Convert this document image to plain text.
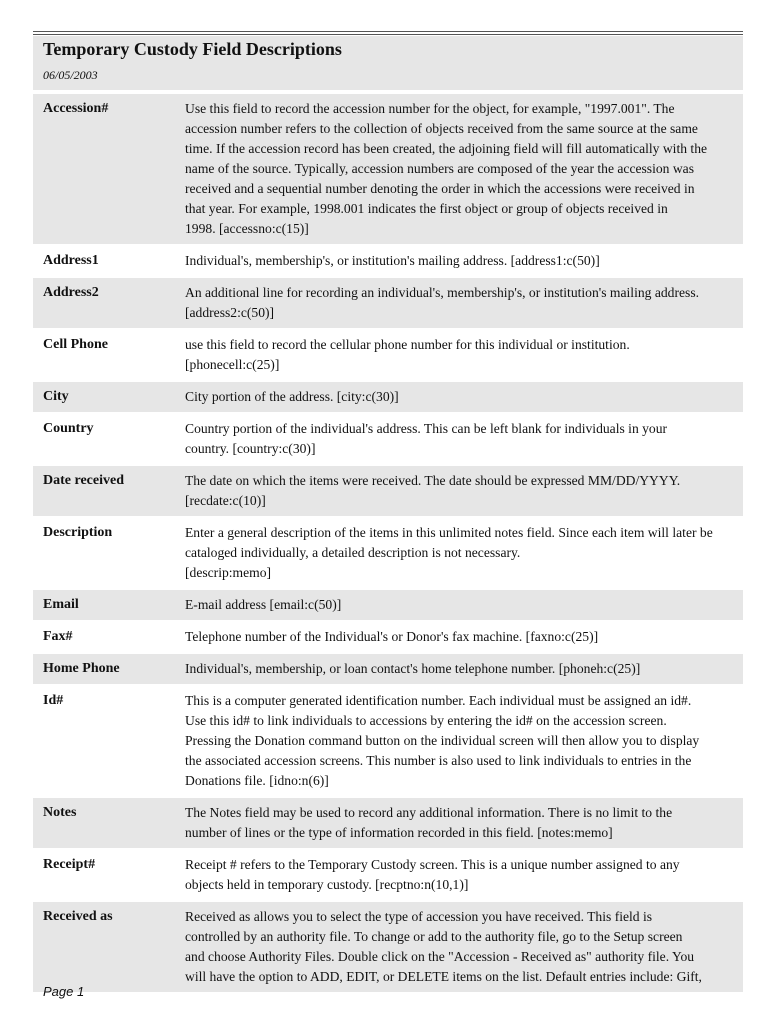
Temporary Custody Field Descriptions
06/05/2003
Accession#	Use this field to record the accession number for the object, for example, "1997.001". The
accession number refers to the collection of objects received from the same source at the same
time. If the accession record has been created, the adjoining field will fill automatically with the
name of the source. Typically, accession numbers are composed of the year the accession was
received and a sequential number denoting the order in which the accessions were received in
that year. For example, 1998.001 indicates the first object or group of objects received in
1998. [accessno:c(15)]
Address1	Individual's, membership's, or institution's mailing address. [address1:c(50)]
Address2	An additional line for recording an individual's, membership's, or institution's mailing address.
[address2:c(50)]
Cell Phone	use this field to record the cellular phone number for this individual or institution.
[phonecell:c(25)]
City	City portion of the address. [city:c(30)]
Country	Country portion of the individual's address. This can be left blank for individuals in your
country. [country:c(30)]
Date received	The date on which the items were received. The date should be expressed MM/DD/YYYY.
[recdate:c(10)]
Description	Enter a general description of the items in this unlimited notes field. Since each item will later be
cataloged individually, a detailed description is not necessary.
[descrip:memo]
Email	E-mail address [email:c(50)]
Fax#	Telephone number of the Individual's or Donor's fax machine. [faxno:c(25)]
Home Phone	Individual's, membership, or loan contact's home telephone number. [phoneh:c(25)]
Id#	This is a computer generated identification number. Each individual must be assigned an id#.
Use this id# to link individuals to accessions by entering the id# on the accession screen.
Pressing the Donation command button on the individual screen will then allow you to display
the associated accession screens. This number is also used to link individuals to entries in the
Donations file. [idno:n(6)]
Notes	The Notes field may be used to record any additional information. There is no limit to the
number of lines or the type of information recorded in this field. [notes:memo]
Receipt#	Receipt # refers to the Temporary Custody screen. This is a unique number assigned to any
objects held in temporary custody. [recptno:n(10,1)]
Received as	Received as allows you to select the type of accession you have received. This field is
controlled by an authority file. To change or add to the authority file, go to the Setup screen
and choose Authority Files. Double click on the "Accession - Received as" authority file. You
will have the option to ADD, EDIT, or DELETE items on the list. Default entries include: Gift,
Page 1
